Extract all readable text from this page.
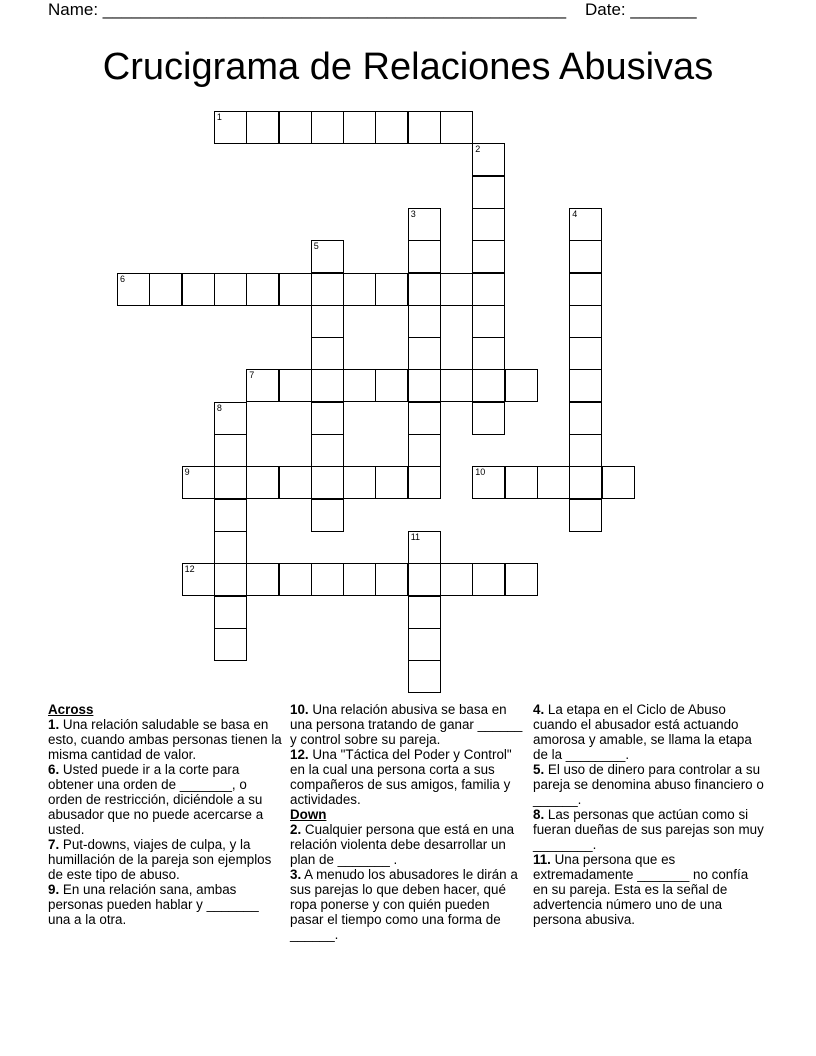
Name: _________________________________________________ Date: _______
Crucigrama de Relaciones Abusivas
1
2
3	4
5
6
7
8
9	10
11
12
Across

1. Una relación saludable se basa en esto, cuando ambas personas tienen la misma cantidad de valor.

6. Usted puede ir a la corte para obtener una orden de _______, o orden de restricción, diciéndole a su abusador que no puede acercarse a usted.

7. Put-downs, viajes de culpa, y la humillación de la pareja son ejemplos de este tipo de abuso.

9. En una relación sana, ambas personas pueden hablar y _______ una a la otra.

10. Una relación abusiva se basa en una persona tratando de ganar ______ y control sobre su pareja.

12. Una "Táctica del Poder y Control" en la cual una persona corta a sus compañeros de sus amigos, familia y actividades.

Down

2. Cualquier persona que está en una relación violenta debe desarrollar un plan de _______ .

3. A menudo los abusadores le dirán a sus parejas lo que deben hacer, qué ropa ponerse y con quién pueden pasar el tiempo como una forma de ______.

4. La etapa en el Ciclo de Abuso cuando el abusador está actuando amorosa y amable, se llama la etapa de la ________.

5. El uso de dinero para controlar a su pareja se denomina abuso financiero o ______.

8. Las personas que actúan como si fueran dueñas de sus parejas son muy ________.

11. Una persona que es extremadamente _______ no confía en su pareja. Esta es la señal de advertencia número uno de una persona abusiva.
